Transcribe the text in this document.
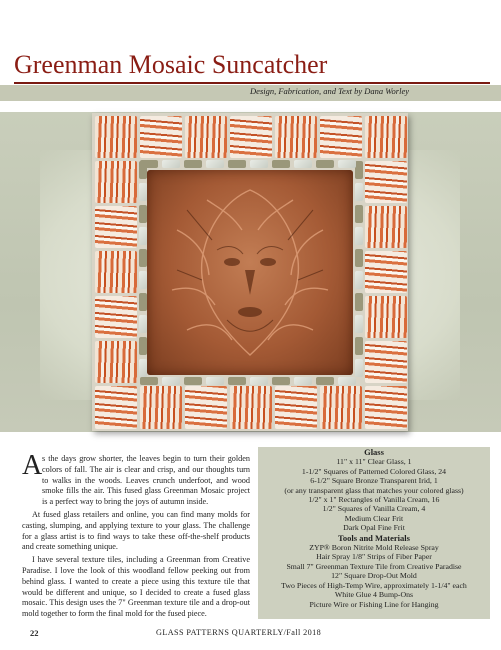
Greenman Mosaic Suncatcher
Design, Fabrication, and Text by Dana Worley
A s the days grow shorter, the leaves begin to turn their golden colors of fall. The air is clear and crisp, and our thoughts turn to walks in the woods. Leaves crunch underfoot, and wood smoke fills the air. This fused glass Greenman Mosaic project is a perfect way to bring the joys of autumn inside.

At fused glass retailers and online, you can find many molds for casting, slumping, and applying texture to your glass. The challenge for a glass artist is to find ways to take these off-the-shelf products and create something unique.

I have several texture tiles, including a Greenman from Creative Paradise. I love the look of this woodland fellow peeking out from behind glass. I wanted to create a piece using this texture tile that would be different and unique, so I decided to create a fused glass mosaic. This design uses the 7" Greenman texture tile and a drop-out mold together to form the final mold for the fused piece.

Glass
11" x 11" Clear Glass, 1
1-1/2" Squares of Patterned Colored Glass, 24
6-1/2" Square Bronze Transparent Irid, 1
(or any transparent glass that matches your colored glass)
1/2" x 1" Rectangles of Vanilla Cream, 16
1/2" Squares of Vanilla Cream, 4
Medium Clear Frit
Dark Opal Fine Frit
Tools and Materials
ZYP® Boron Nitrite Mold Release Spray
Hair Spray 1/8" Strips of Fiber Paper
Small 7" Greenman Texture Tile from Creative Paradise
12" Square Drop-Out Mold
Two Pieces of High-Temp Wire, approximately 1-1/4" each
White Glue 4 Bump-Ons
Picture Wire or Fishing Line for Hanging
22	GLASS PATTERNS QUARTERLY/Fall 2018
